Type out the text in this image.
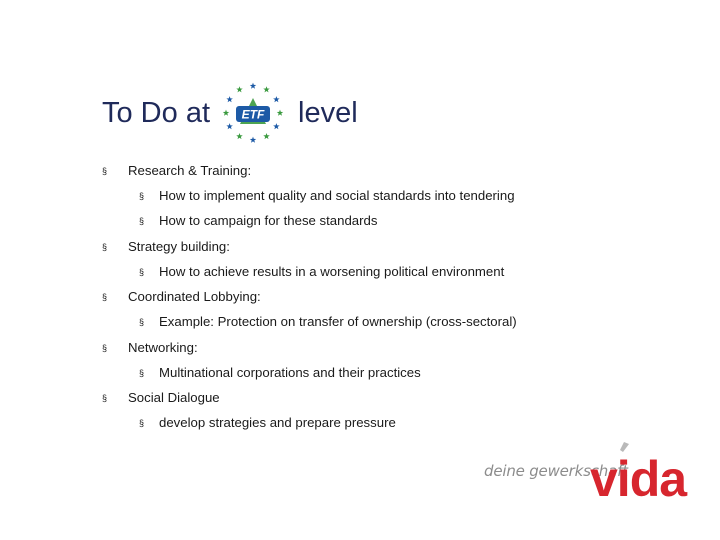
To Do at	ETF level
§ Research & Training:
§ How to implement quality and social standards into tendering
§ How to campaign for these standards
§ Strategy building:
§ How to achieve results in a worsening political environment
§ Coordinated Lobbying:
§ Example: Protection on transfer of ownership (cross-sectoral)
§ Networking:
§ Multinational corporations and their practices
§ Social Dialogue
§ develop strategies and prepare pressure
deine gewerkschaft
vida
